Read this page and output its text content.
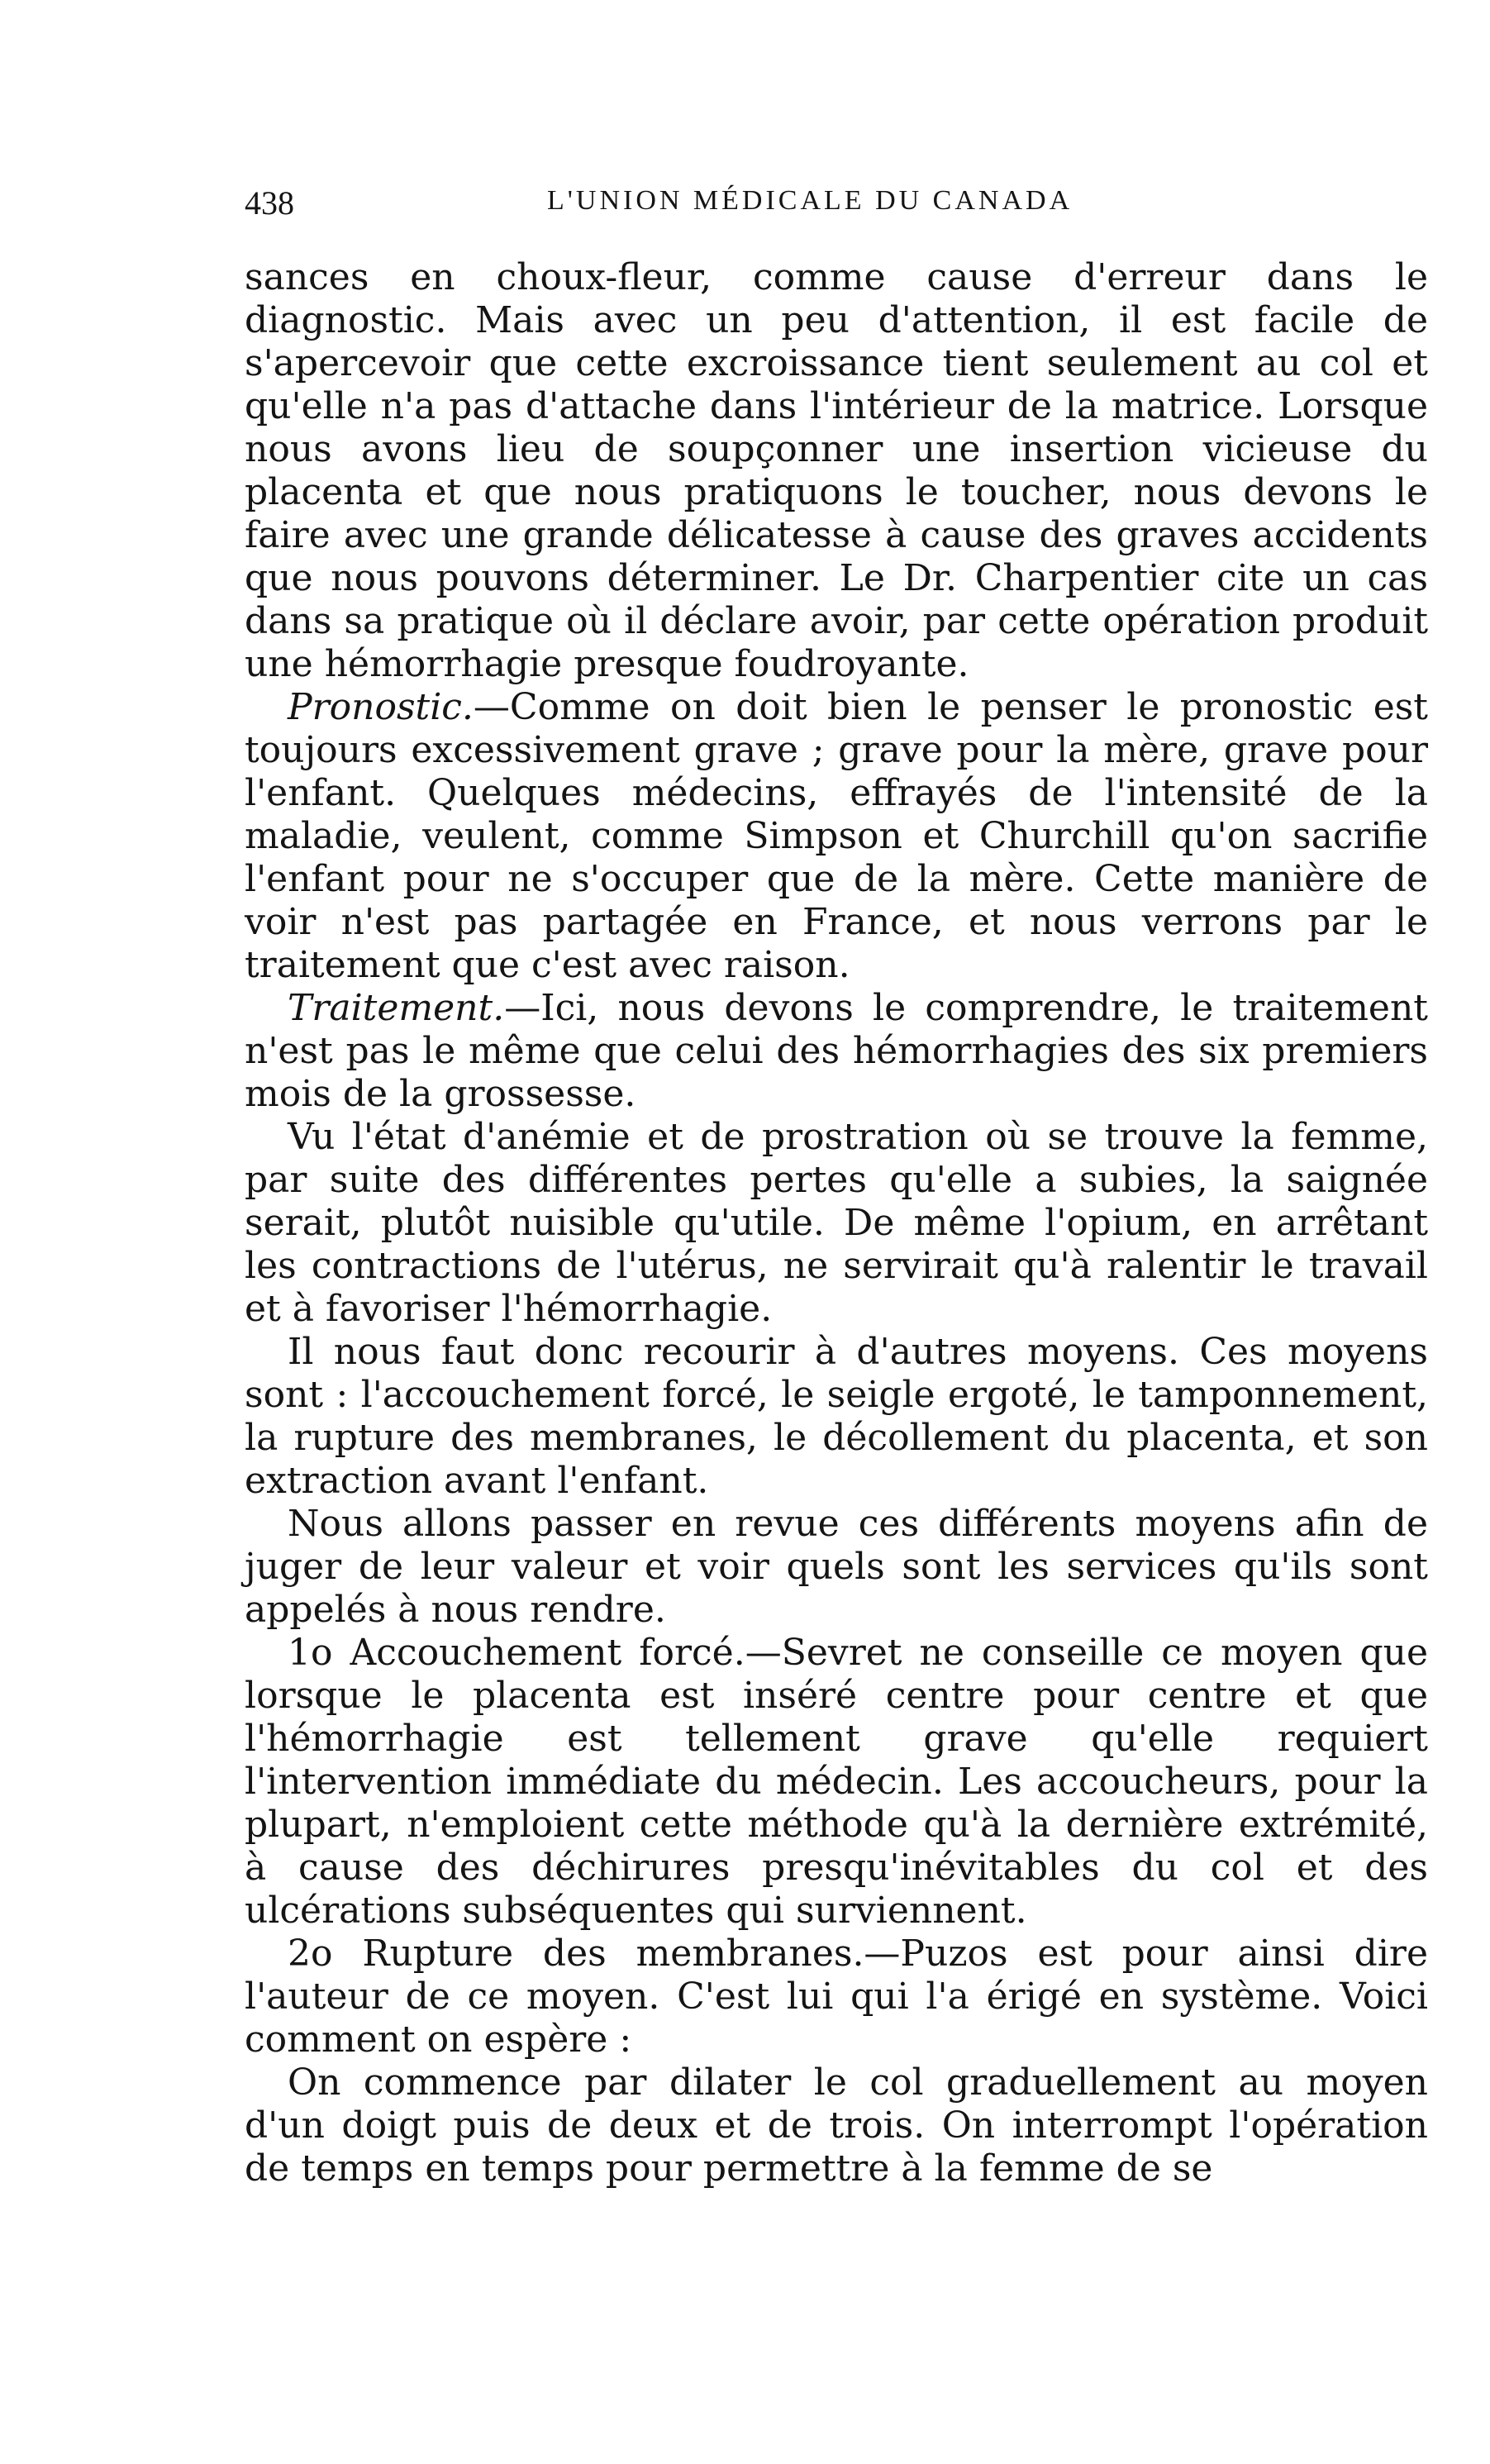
438	L'UNION MÉDICALE DU CANADA

sances en choux-fleur, comme cause d'erreur dans le diagnostic. Mais avec un peu d'attention, il est facile de s'apercevoir que cette excroissance tient seulement au col et qu'elle n'a pas d'attache dans l'intérieur de la matrice. Lorsque nous avons lieu de soupçonner une insertion vicieuse du placenta et que nous pratiquons le toucher, nous devons le faire avec une grande délicatesse à cause des graves accidents que nous pouvons déterminer. Le Dr. Charpentier cite un cas dans sa pratique où il déclare avoir, par cette opération produit une hémorrhagie presque foudroyante.

Pronostic.—Comme on doit bien le penser le pronostic est toujours excessivement grave ; grave pour la mère, grave pour l'enfant. Quelques médecins, effrayés de l'intensité de la maladie, veulent, comme Simpson et Churchill qu'on sacrifie l'enfant pour ne s'occuper que de la mère. Cette manière de voir n'est pas partagée en France, et nous verrons par le traitement que c'est avec raison.

Traitement.—Ici, nous devons le comprendre, le traitement n'est pas le même que celui des hémorrhagies des six premiers mois de la grossesse.

Vu l'état d'anémie et de prostration où se trouve la femme, par suite des différentes pertes qu'elle a subies, la saignée serait, plutôt nuisible qu'utile. De même l'opium, en arrêtant les contractions de l'utérus, ne servirait qu'à ralentir le travail et à favoriser l'hémorrhagie.

Il nous faut donc recourir à d'autres moyens. Ces moyens sont : l'accouchement forcé, le seigle ergoté, le tamponnement, la rupture des membranes, le décollement du placenta, et son extraction avant l'enfant.

Nous allons passer en revue ces différents moyens afin de juger de leur valeur et voir quels sont les services qu'ils sont appelés à nous rendre.

1o Accouchement forcé.—Sevret ne conseille ce moyen que lorsque le placenta est inséré centre pour centre et que l'hémorrhagie est tellement grave qu'elle requiert l'intervention immédiate du médecin. Les accoucheurs, pour la plupart, n'emploient cette méthode qu'à la dernière extrémité, à cause des déchirures presqu'inévitables du col et des ulcérations subséquentes qui surviennent.

2o Rupture des membranes.—Puzos est pour ainsi dire l'auteur de ce moyen. C'est lui qui l'a érigé en système. Voici comment on espère :

On commence par dilater le col graduellement au moyen d'un doigt puis de deux et de trois. On interrompt l'opération de temps en temps pour permettre à la femme de se
